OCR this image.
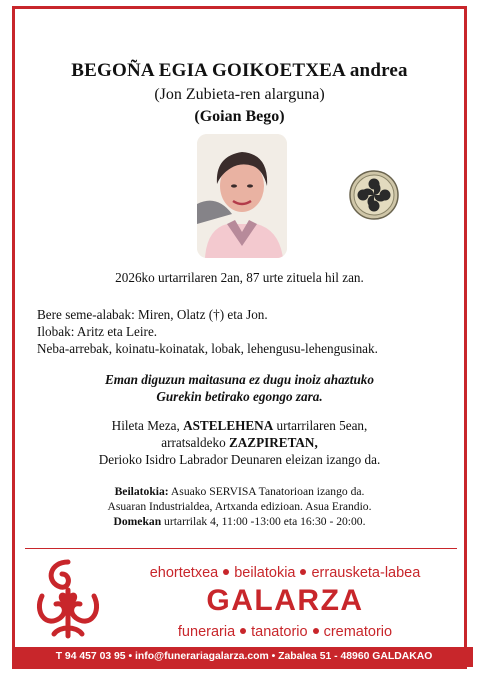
BEGOÑA EGIA GOIKOETXEA andrea
(Jon Zubieta-ren alarguna)
(Goian Bego)
2026ko urtarrilaren 2an, 87 urte zituela hil zan.
Bere seme-alabak: Miren, Olatz (†) eta Jon.
Ilobak: Aritz eta Leire.
Neba-arrebak, koinatu-koinatak, lobak, lehengusu-lehengusinak.
Eman diguzun maitasuna ez dugu inoiz ahaztuko
Gurekin betirako egongo zara.
Hileta Meza, ASTELEHENA urtarrilaren 5ean,
arratsaldeko ZAZPIRETAN,
Derioko Isidro Labrador Deunaren eleizan izango da.
Beilatokia: Asuako SERVISA Tanatorioan izango da.
Asuaran Industrialdea, Artxanda edizioan. Asua Erandio.
Domekan urtarrilak 4, 11:00 -13:00 eta 16:30 - 20:00.
ehortetxea beilatokia errausketa-labea
GALARZA
funeraria tanatorio crematorio
T 94 457 03 95 • info@funerariagalarza.com • Zabalea 51 - 48960 GALDAKAO
